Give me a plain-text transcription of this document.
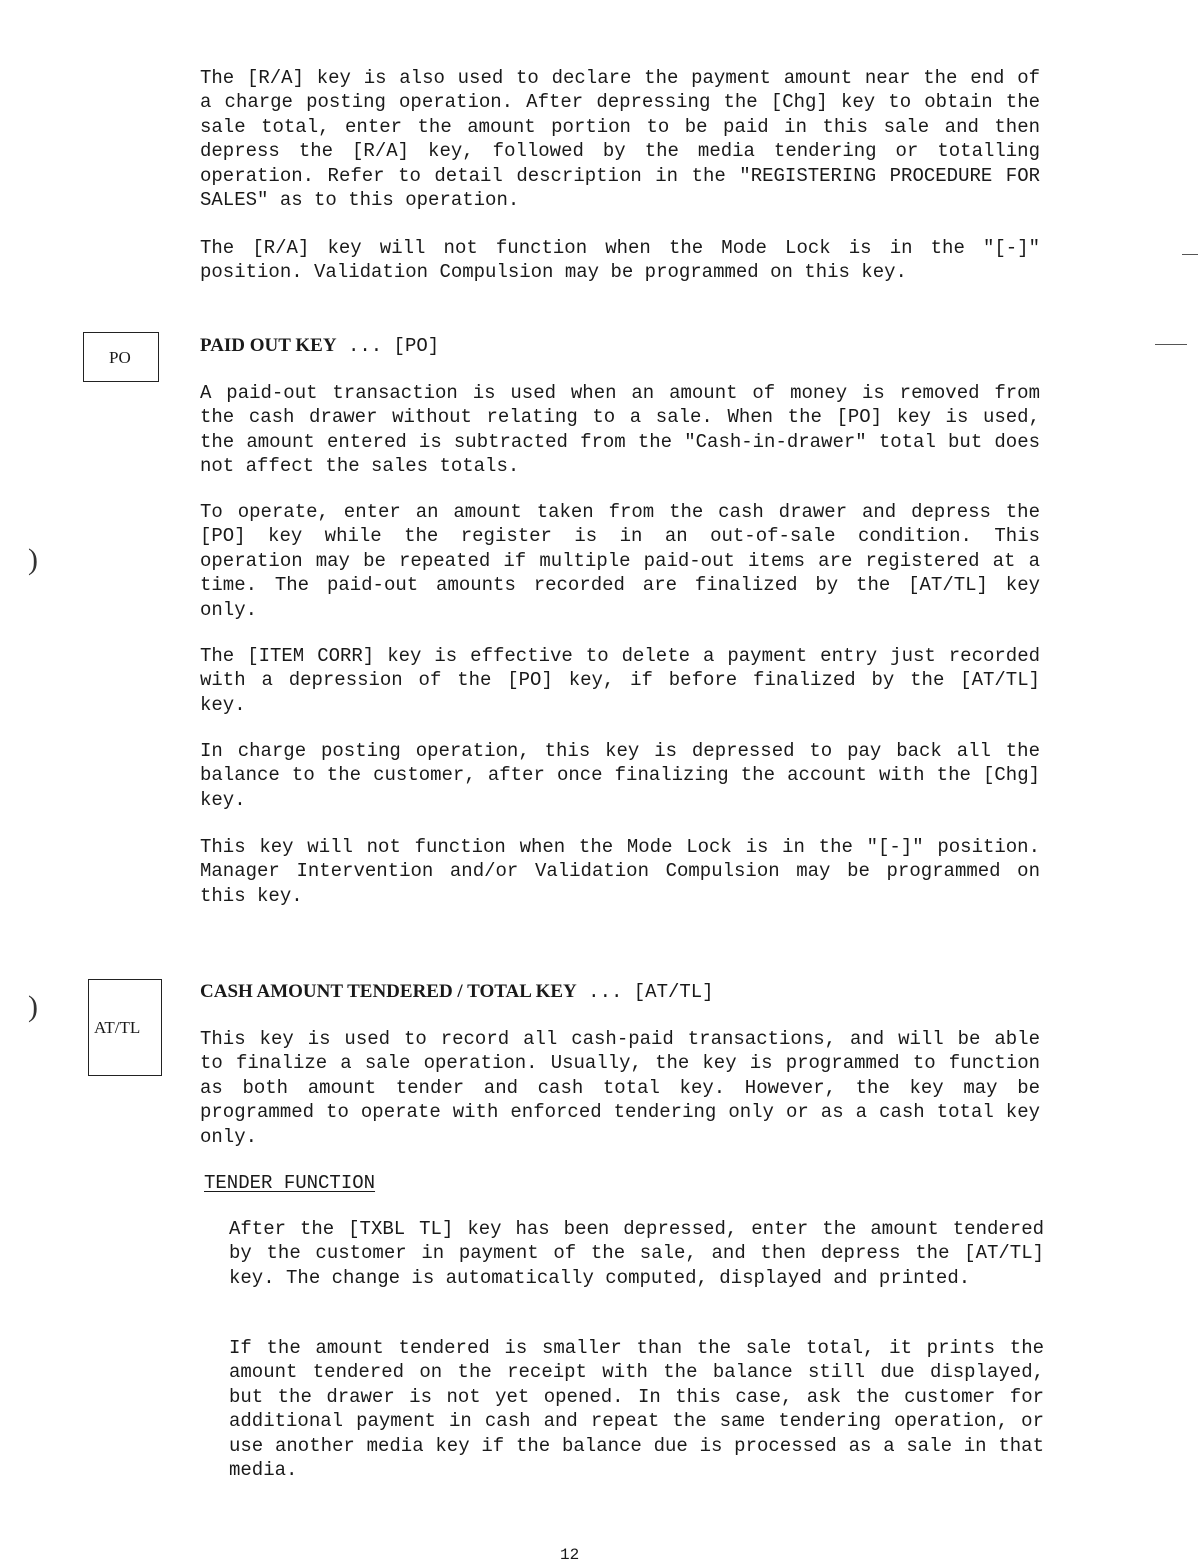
The [R/A] key is also used to declare the payment amount near the end of a charge posting operation. After depressing the [Chg] key to obtain the sale total, enter the amount portion to be paid in this sale and then depress the [R/A] key, followed by the media tendering or totalling operation. Refer to detail description in the "REGISTERING PROCEDURE FOR SALES" as to this operation.

The [R/A] key will not function when the Mode Lock is in the "[-]" position. Validation Compulsion may be programmed on this key.

PO
PAID OUT KEY ... [PO]

A paid-out transaction is used when an amount of money is removed from the cash drawer without relating to a sale. When the [PO] key is used, the amount entered is subtracted from the "Cash-in-drawer" total but does not affect the sales totals.

To operate, enter an amount taken from the cash drawer and depress the [PO] key while the register is in an out-of-sale condition. This operation may be repeated if multiple paid-out items are registered at a time. The paid-out amounts recorded are finalized by the [AT/TL] key only.

The [ITEM CORR] key is effective to delete a payment entry just recorded with a depression of the [PO] key, if before finalized by the [AT/TL] key.

In charge posting operation, this key is depressed to pay back all the balance to the customer, after once finalizing the account with the [Chg] key.

This key will not function when the Mode Lock is in the "[-]" position. Manager Intervention and/or Validation Compulsion may be programmed on this key.

)
)
AT/TL
CASH AMOUNT TENDERED / TOTAL KEY ... [AT/TL]

This key is used to record all cash-paid transactions, and will be able to finalize a sale operation. Usually, the key is programmed to function as both amount tender and cash total key. However, the key may be programmed to operate with enforced tendering only or as a cash total key only.

TENDER FUNCTION

After the [TXBL TL] key has been depressed, enter the amount tendered by the customer in payment of the sale, and then depress the [AT/TL] key. The change is automatically computed, displayed and printed.

If the amount tendered is smaller than the sale total, it prints the amount tendered on the receipt with the balance still due displayed, but the drawer is not yet opened. In this case, ask the customer for additional payment in cash and repeat the same tendering operation, or use another media key if the balance due is processed as a sale in that media.

12
